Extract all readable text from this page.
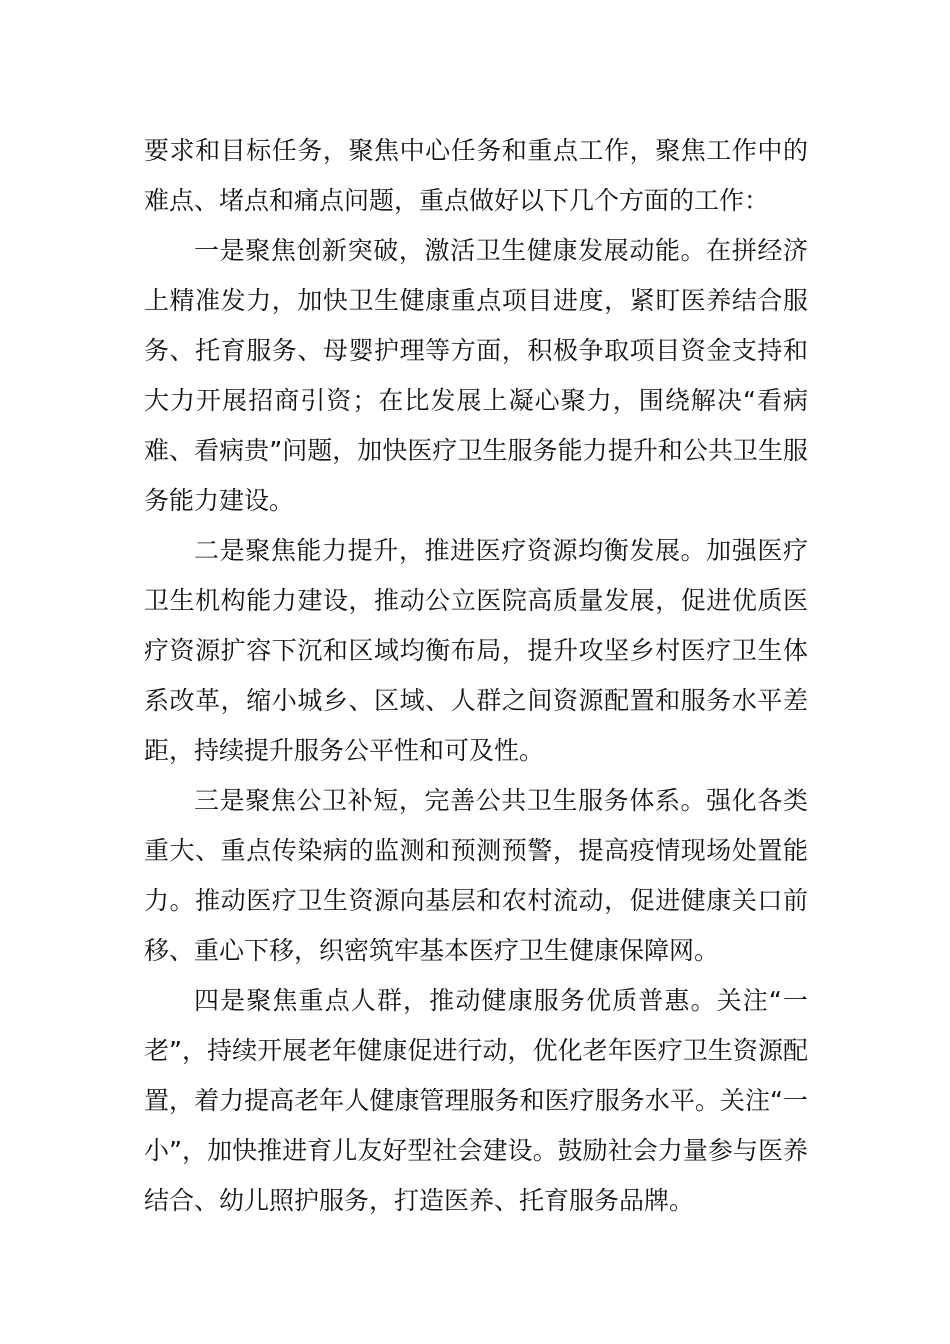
要求和目标任务，聚焦中心任务和重点工作，聚焦工作中的难点、堵点和痛点问题，重点做好以下几个方面的工作：

一是聚焦创新突破，激活卫生健康发展动能。在拼经济上精准发力，加快卫生健康重点项目进度，紧盯医养结合服务、托育服务、母婴护理等方面，积极争取项目资金支持和大力开展招商引资；在比发展上凝心聚力，围绕解决“看病难、看病贵”问题，加快医疗卫生服务能力提升和公共卫生服务能力建设。

二是聚焦能力提升，推进医疗资源均衡发展。加强医疗卫生机构能力建设，推动公立医院高质量发展，促进优质医疗资源扩容下沉和区域均衡布局，提升攻坚乡村医疗卫生体系改革，缩小城乡、区域、人群之间资源配置和服务水平差距，持续提升服务公平性和可及性。

三是聚焦公卫补短，完善公共卫生服务体系。强化各类重大、重点传染病的监测和预测预警，提高疫情现场处置能力。推动医疗卫生资源向基层和农村流动，促进健康关口前移、重心下移，织密筑牢基本医疗卫生健康保障网。

四是聚焦重点人群，推动健康服务优质普惠。关注“一老”，持续开展老年健康促进行动，优化老年医疗卫生资源配置，着力提高老年人健康管理服务和医疗服务水平。关注“一小”，加快推进育儿友好型社会建设。鼓励社会力量参与医养结合、幼儿照护服务，打造医养、托育服务品牌。
